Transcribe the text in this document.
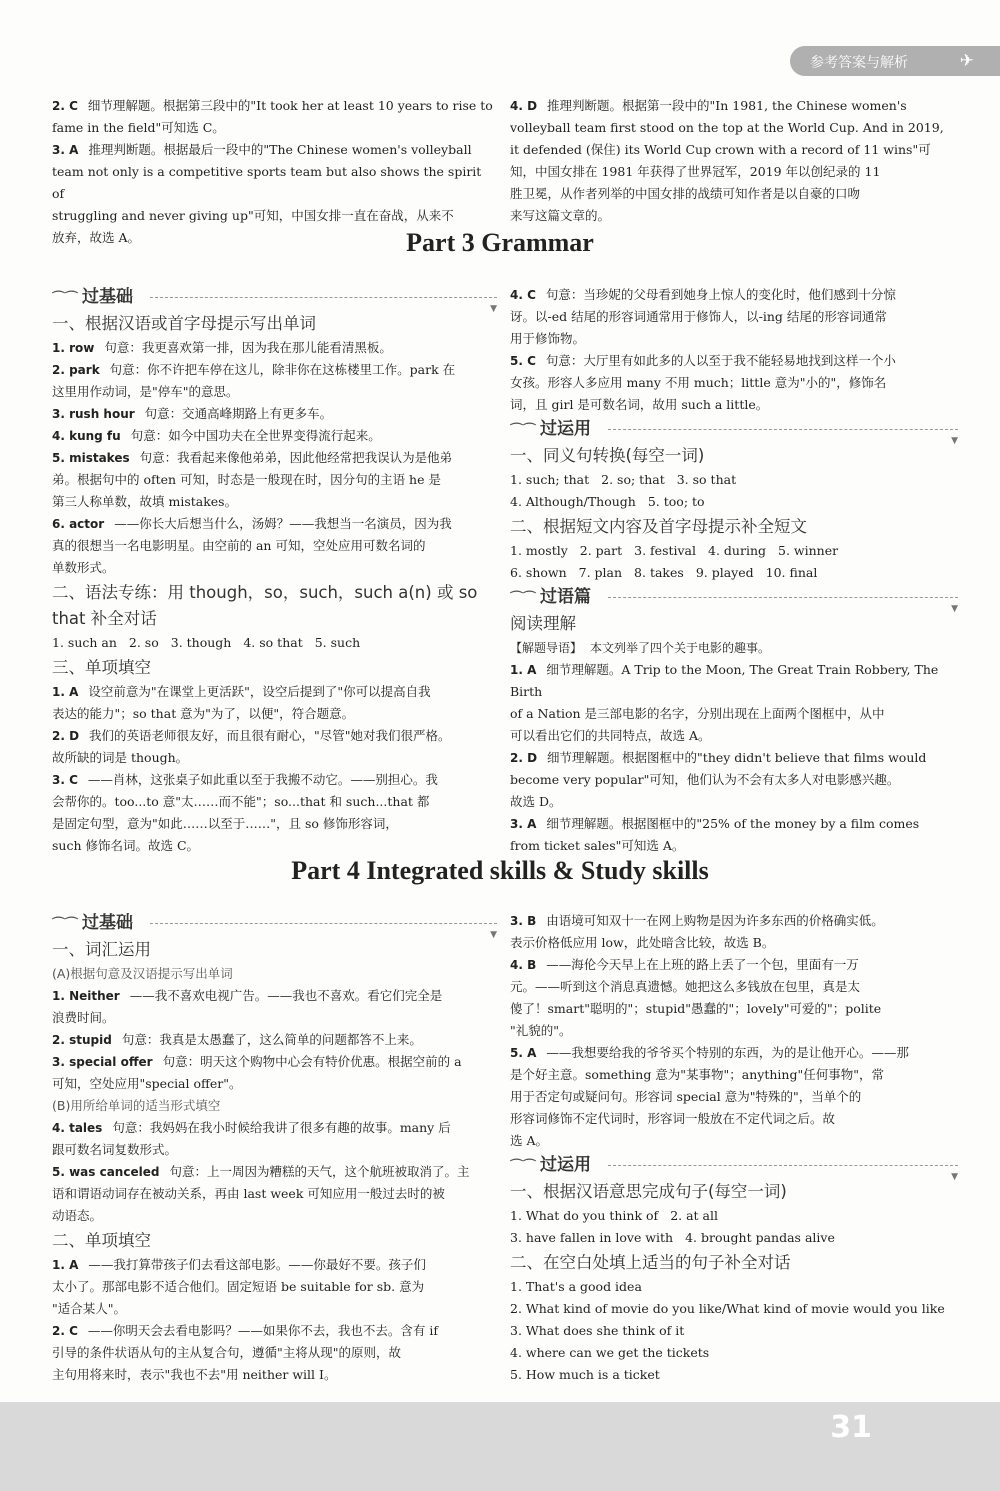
参考答案与解析	✈
2. C 细节理解题。根据第三段中的"It took her at least 10 years to rise to
fame in the field"可知选 C。
3. A 推理判断题。根据最后一段中的"The Chinese women's volleyball
team not only is a competitive sports team but also shows the spirit of
struggling and never giving up"可知，中国女排一直在奋战，从来不
放弃，故选 A。
4. D 推理判断题。根据第一段中的"In 1981, the Chinese women's
volleyball team first stood on the top at the World Cup. And in 2019,
it defended (保住) its World Cup crown with a record of 11 wins"可
知，中国女排在 1981 年获得了世界冠军，2019 年以创纪录的 11
胜卫冕，从作者列举的中国女排的战绩可知作者是以自豪的口吻
来写这篇文章的。
Part 3 Grammar
⌒⌒ 过基础
▼
一、根据汉语或首字母提示写出单词
1. row 句意：我更喜欢第一排，因为我在那儿能看清黑板。
2. park 句意：你不许把车停在这儿，除非你在这栋楼里工作。park 在
这里用作动词，是"停车"的意思。
3. rush hour 句意：交通高峰期路上有更多车。
4. kung fu 句意：如今中国功夫在全世界变得流行起来。
5. mistakes 句意：我看起来像他弟弟，因此他经常把我误认为是他弟
弟。根据句中的 often 可知，时态是一般现在时，因分句的主语 he 是
第三人称单数，故填 mistakes。
6. actor ——你长大后想当什么，汤姆？——我想当一名演员，因为我
真的很想当一名电影明星。由空前的 an 可知，空处应用可数名词的
单数形式。
二、语法专练：用 though，so，such，such a(n) 或 so
that 补全对话
1. such an 2. so 3. though 4. so that 5. such
三、单项填空
1. A 设空前意为"在课堂上更活跃"，设空后提到了"你可以提高自我
表达的能力"；so that 意为"为了，以便"，符合题意。
2. D 我们的英语老师很友好，而且很有耐心，"尽管"她对我们很严格。
故所缺的词是 though。
3. C ——肖林，这张桌子如此重以至于我搬不动它。——别担心。我
会帮你的。too...to 意"太……而不能"；so...that 和 such...that 都
是固定句型，意为"如此……以至于……"，且 so 修饰形容词，
such 修饰名词。故选 C。
4. C 句意：当珍妮的父母看到她身上惊人的变化时，他们感到十分惊
讶。以-ed 结尾的形容词通常用于修饰人，以-ing 结尾的形容词通常
用于修饰物。
5. C 句意：大厅里有如此多的人以至于我不能轻易地找到这样一个小
女孩。形容人多应用 many 不用 much；little 意为"小的"，修饰名
词，且 girl 是可数名词，故用 such a little。
⌒⌒ 过运用
▼
一、同义句转换(每空一词)
1. such; that 2. so; that 3. so that
4. Although/Though 5. too; to
二、根据短文内容及首字母提示补全短文
1. mostly 2. part 3. festival 4. during 5. winner
6. shown 7. plan 8. takes 9. played 10. final
⌒⌒ 过语篇
▼
阅读理解
【解题导语】 本文列举了四个关于电影的趣事。
1. A 细节理解题。A Trip to the Moon, The Great Train Robbery, The Birth
of a Nation 是三部电影的名字，分别出现在上面两个图框中，从中
可以看出它们的共同特点，故选 A。
2. D 细节理解题。根据图框中的"they didn't believe that films would
become very popular"可知，他们认为不会有太多人对电影感兴趣。
故选 D。
3. A 细节理解题。根据图框中的"25% of the money by a film comes
from ticket sales"可知选 A。
Part 4 Integrated skills & Study skills
⌒⌒ 过基础
▼
一、词汇运用
(A)根据句意及汉语提示写出单词
1. Neither ——我不喜欢电视广告。——我也不喜欢。看它们完全是
浪费时间。
2. stupid 句意：我真是太愚蠢了，这么简单的问题都答不上来。
3. special offer 句意：明天这个购物中心会有特价优惠。根据空前的 a
可知，空处应用"special offer"。
(B)用所给单词的适当形式填空
4. tales 句意：我妈妈在我小时候给我讲了很多有趣的故事。many 后
跟可数名词复数形式。
5. was canceled 句意：上一周因为糟糕的天气，这个航班被取消了。主
语和谓语动词存在被动关系，再由 last week 可知应用一般过去时的被
动语态。
二、单项填空
1. A ——我打算带孩子们去看这部电影。——你最好不要。孩子们
太小了。那部电影不适合他们。固定短语 be suitable for sb. 意为
"适合某人"。
2. C ——你明天会去看电影吗？——如果你不去，我也不去。含有 if
引导的条件状语从句的主从复合句，遵循"主将从现"的原则，故
主句用将来时，表示"我也不去"用 neither will I。
3. B 由语境可知双十一在网上购物是因为许多东西的价格确实低。
表示价格低应用 low，此处暗含比较，故选 B。
4. B ——海伦今天早上在上班的路上丢了一个包，里面有一万
元。——听到这个消息真遗憾。她把这么多钱放在包里，真是太
傻了！smart"聪明的"；stupid"愚蠢的"；lovely"可爱的"；polite
"礼貌的"。
5. A ——我想要给我的爷爷买个特别的东西，为的是让他开心。——那
是个好主意。something 意为"某事物"；anything"任何事物"，常
用于否定句或疑问句。形容词 special 意为"特殊的"，当单个的
形容词修饰不定代词时，形容词一般放在不定代词之后。故
选 A。
⌒⌒ 过运用
▼
一、根据汉语意思完成句子(每空一词)
1. What do you think of 2. at all
3. have fallen in love with 4. brought pandas alive
二、在空白处填上适当的句子补全对话
1. That's a good idea
2. What kind of movie do you like/What kind of movie would you like
3. What does she think of it
4. where can we get the tickets
5. How much is a ticket
31
